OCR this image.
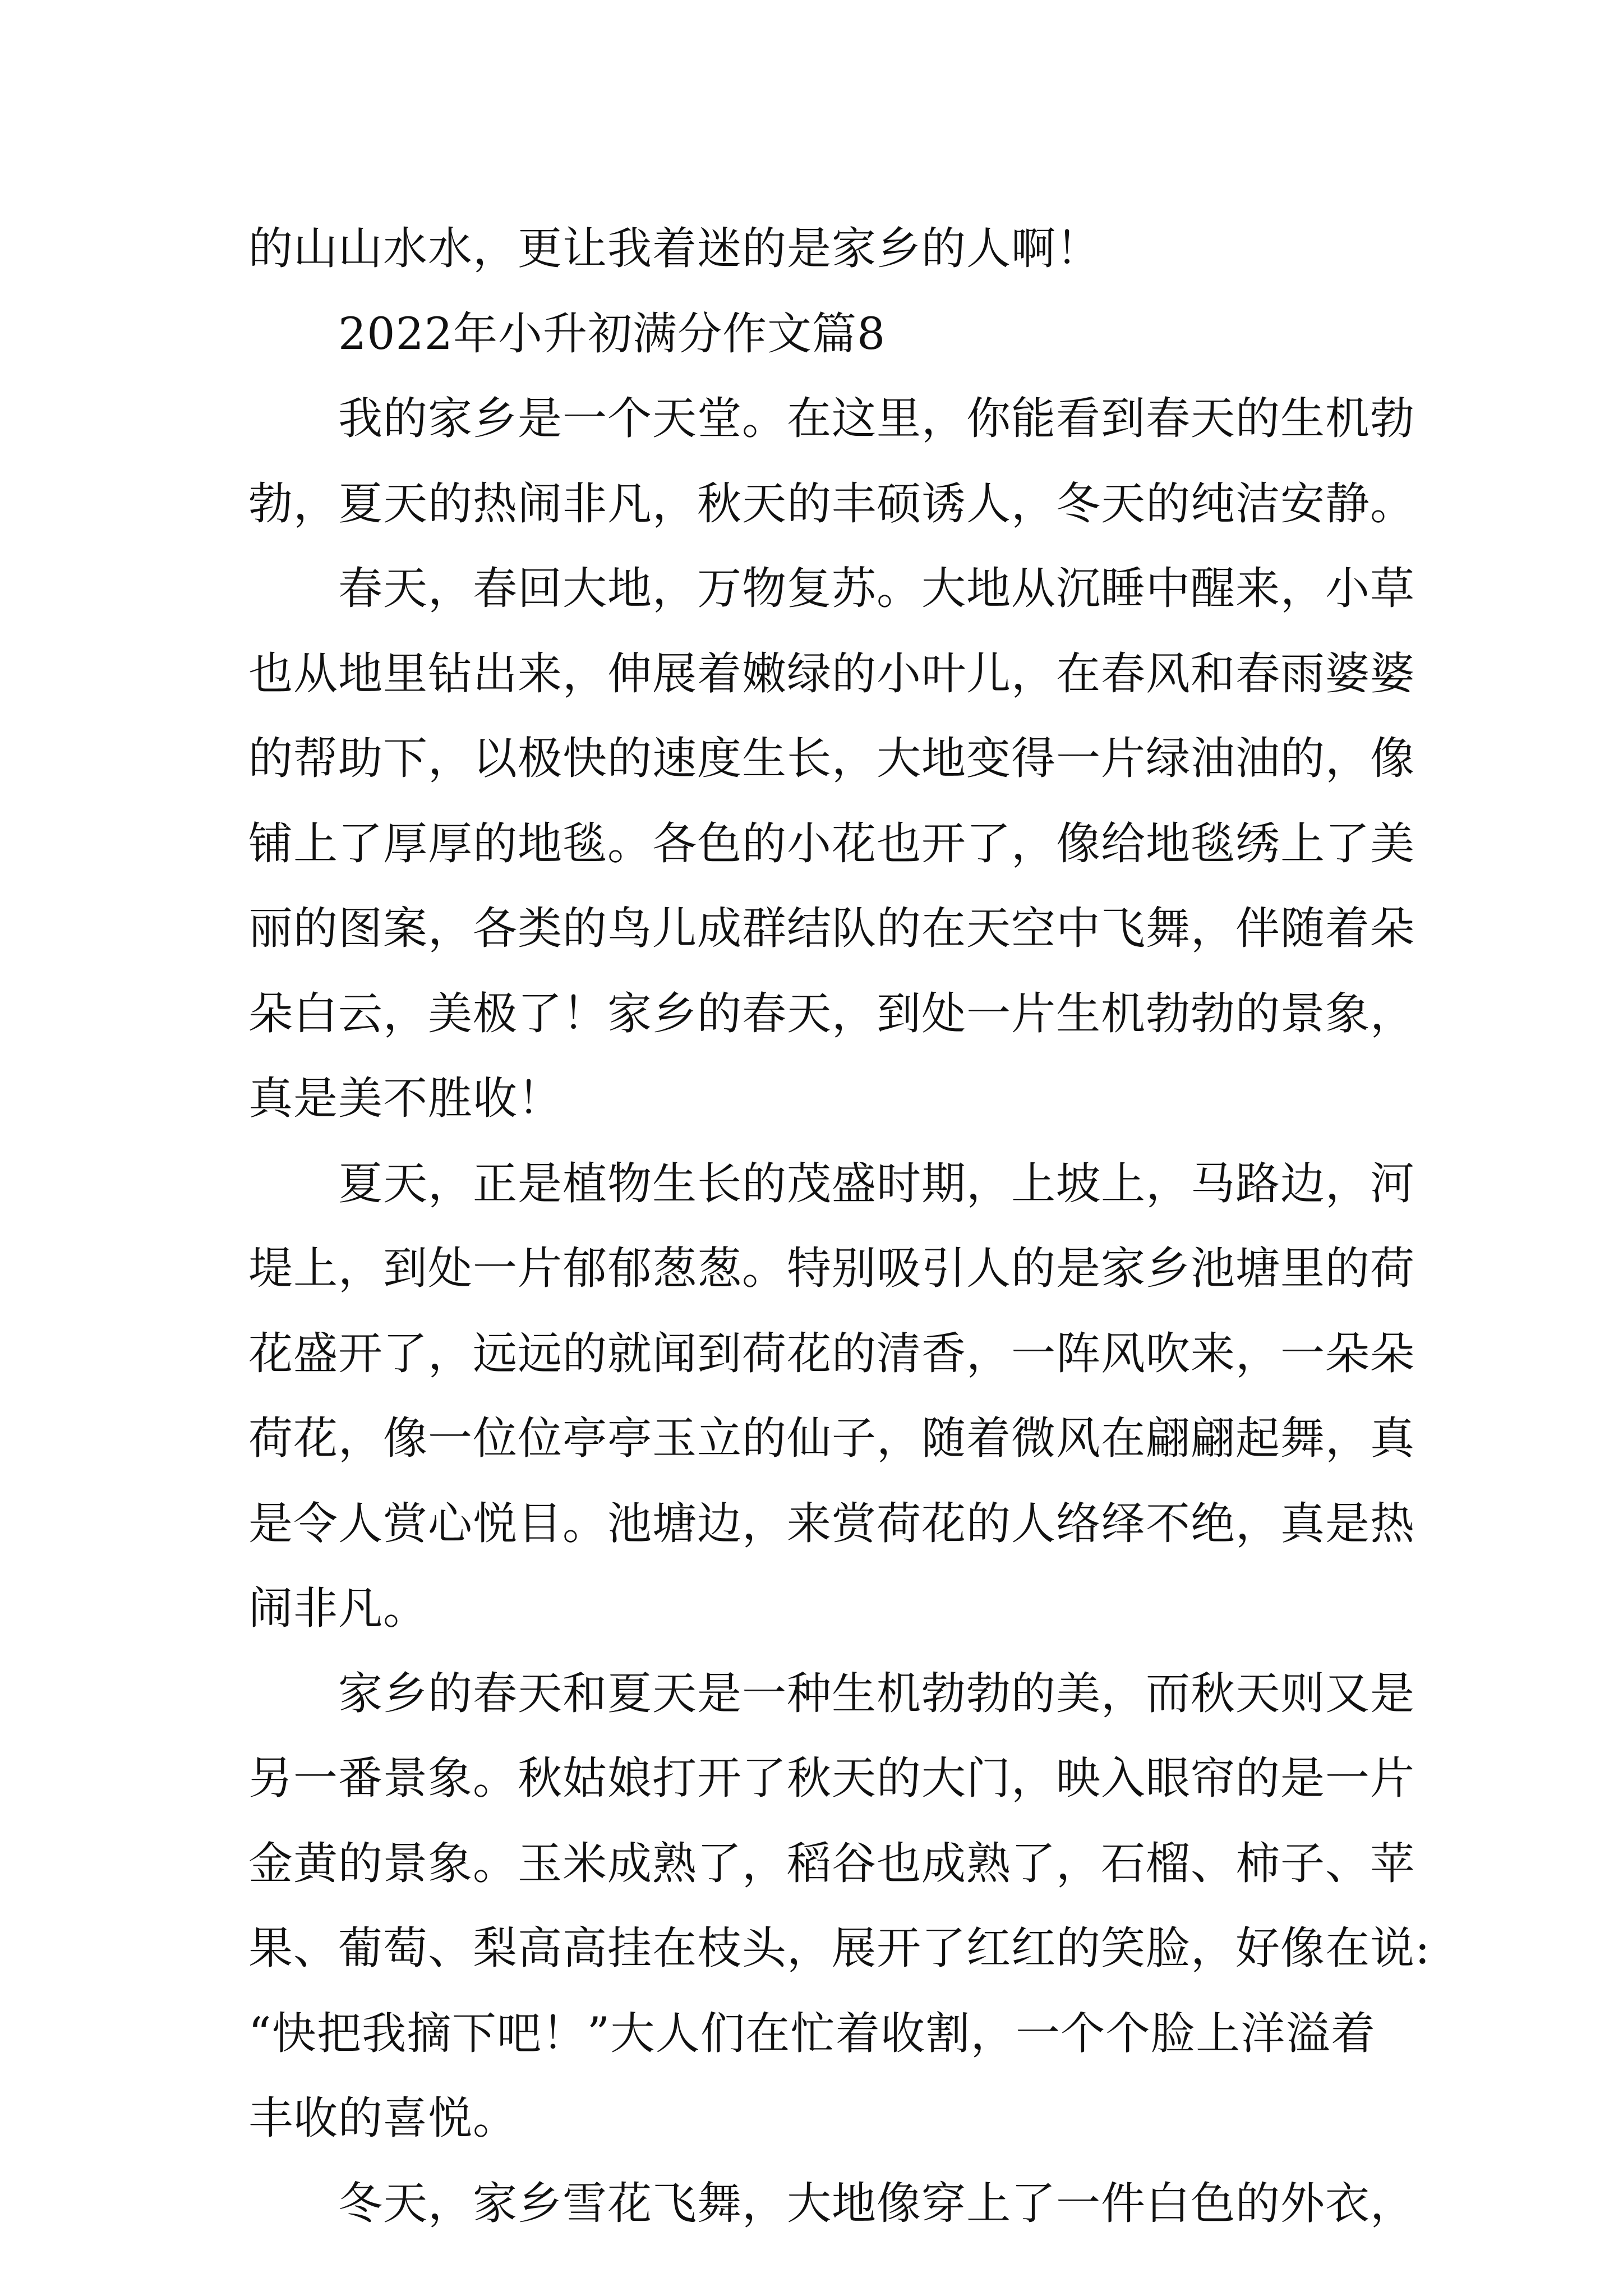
的山山水水，更让我着迷的是家乡的人啊！
2022年小升初满分作文篇8
我的家乡是一个天堂。在这里，你能看到春天的生机勃
勃，夏天的热闹非凡，秋天的丰硕诱人，冬天的纯洁安静。
春天，春回大地，万物复苏。大地从沉睡中醒来，小草
也从地里钻出来，伸展着嫩绿的小叶儿，在春风和春雨婆婆
的帮助下，以极快的速度生长，大地变得一片绿油油的，像
铺上了厚厚的地毯。各色的小花也开了，像给地毯绣上了美
丽的图案，各类的鸟儿成群结队的在天空中飞舞，伴随着朵
朵白云，美极了！家乡的春天，到处一片生机勃勃的景象，
真是美不胜收！
夏天，正是植物生长的茂盛时期，上坡上，马路边，河
堤上，到处一片郁郁葱葱。特别吸引人的是家乡池塘里的荷
花盛开了，远远的就闻到荷花的清香，一阵风吹来，一朵朵
荷花，像一位位亭亭玉立的仙子，随着微风在翩翩起舞，真
是令人赏心悦目。池塘边，来赏荷花的人络绎不绝，真是热
闹非凡。
家乡的春天和夏天是一种生机勃勃的美，而秋天则又是
另一番景象。秋姑娘打开了秋天的大门，映入眼帘的是一片
金黄的景象。玉米成熟了，稻谷也成熟了，石榴、柿子、苹
果、葡萄、梨高高挂在枝头，展开了红红的笑脸，好像在说:
“快把我摘下吧！”大人们在忙着收割，一个个脸上洋溢着
丰收的喜悦。
冬天，家乡雪花飞舞，大地像穿上了一件白色的外衣，
